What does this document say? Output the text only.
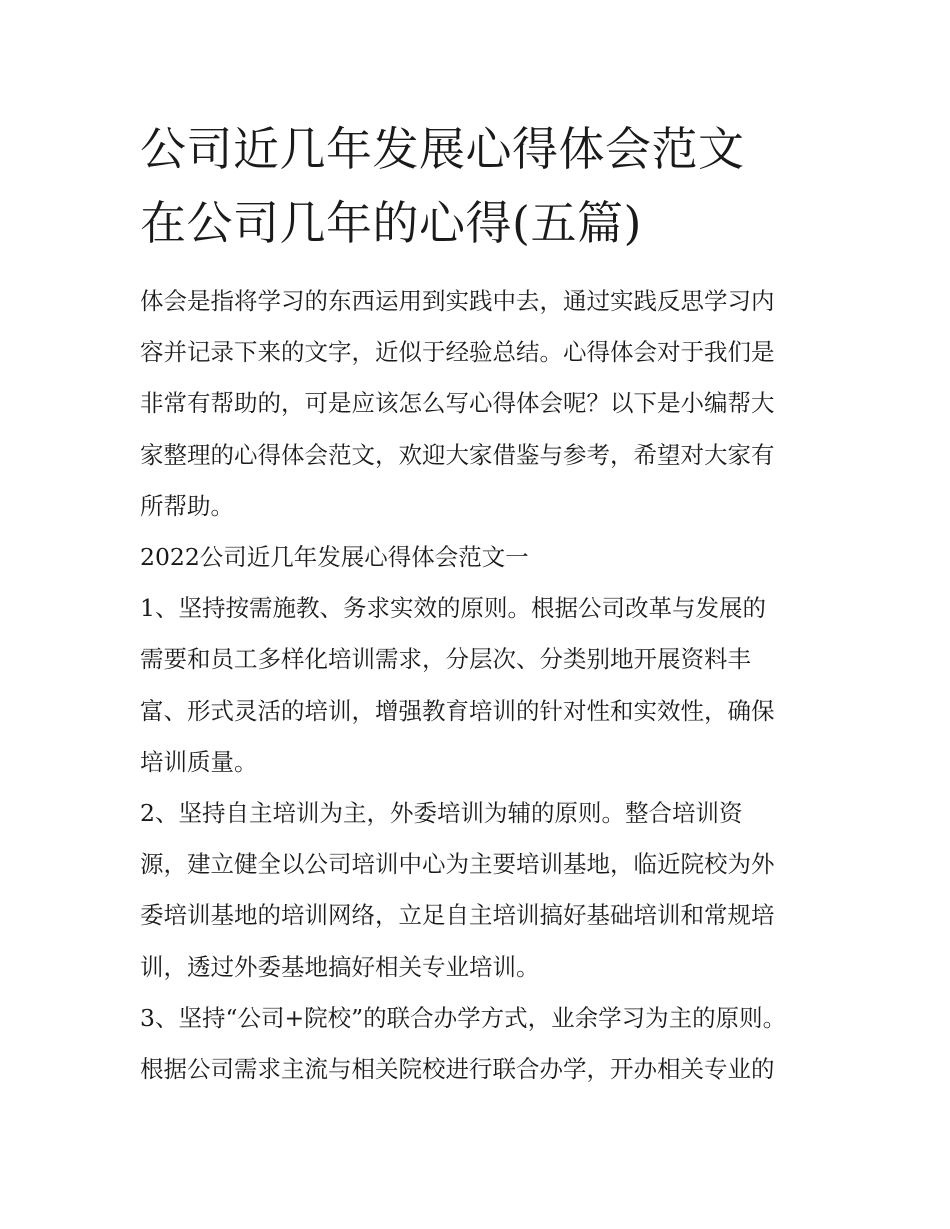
公司近几年发展心得体会范文
在公司几年的心得(五篇)

体会是指将学习的东西运用到实践中去，通过实践反思学习内
容并记录下来的文字，近似于经验总结。心得体会对于我们是
非常有帮助的，可是应该怎么写心得体会呢？以下是小编帮大
家整理的心得体会范文，欢迎大家借鉴与参考，希望对大家有
所帮助。

2022公司近几年发展心得体会范文一

1、坚持按需施教、务求实效的原则。根据公司改革与发展的
需要和员工多样化培训需求，分层次、分类别地开展资料丰
富、形式灵活的培训，增强教育培训的针对性和实效性，确保
培训质量。

2、坚持自主培训为主，外委培训为辅的原则。整合培训资
源，建立健全以公司培训中心为主要培训基地，临近院校为外
委培训基地的培训网络，立足自主培训搞好基础培训和常规培
训，透过外委基地搞好相关专业培训。

3、坚持“公司+院校”的联合办学方式，业余学习为主的原则。
根据公司需求主流与相关院校进行联合办学，开办相关专业的
